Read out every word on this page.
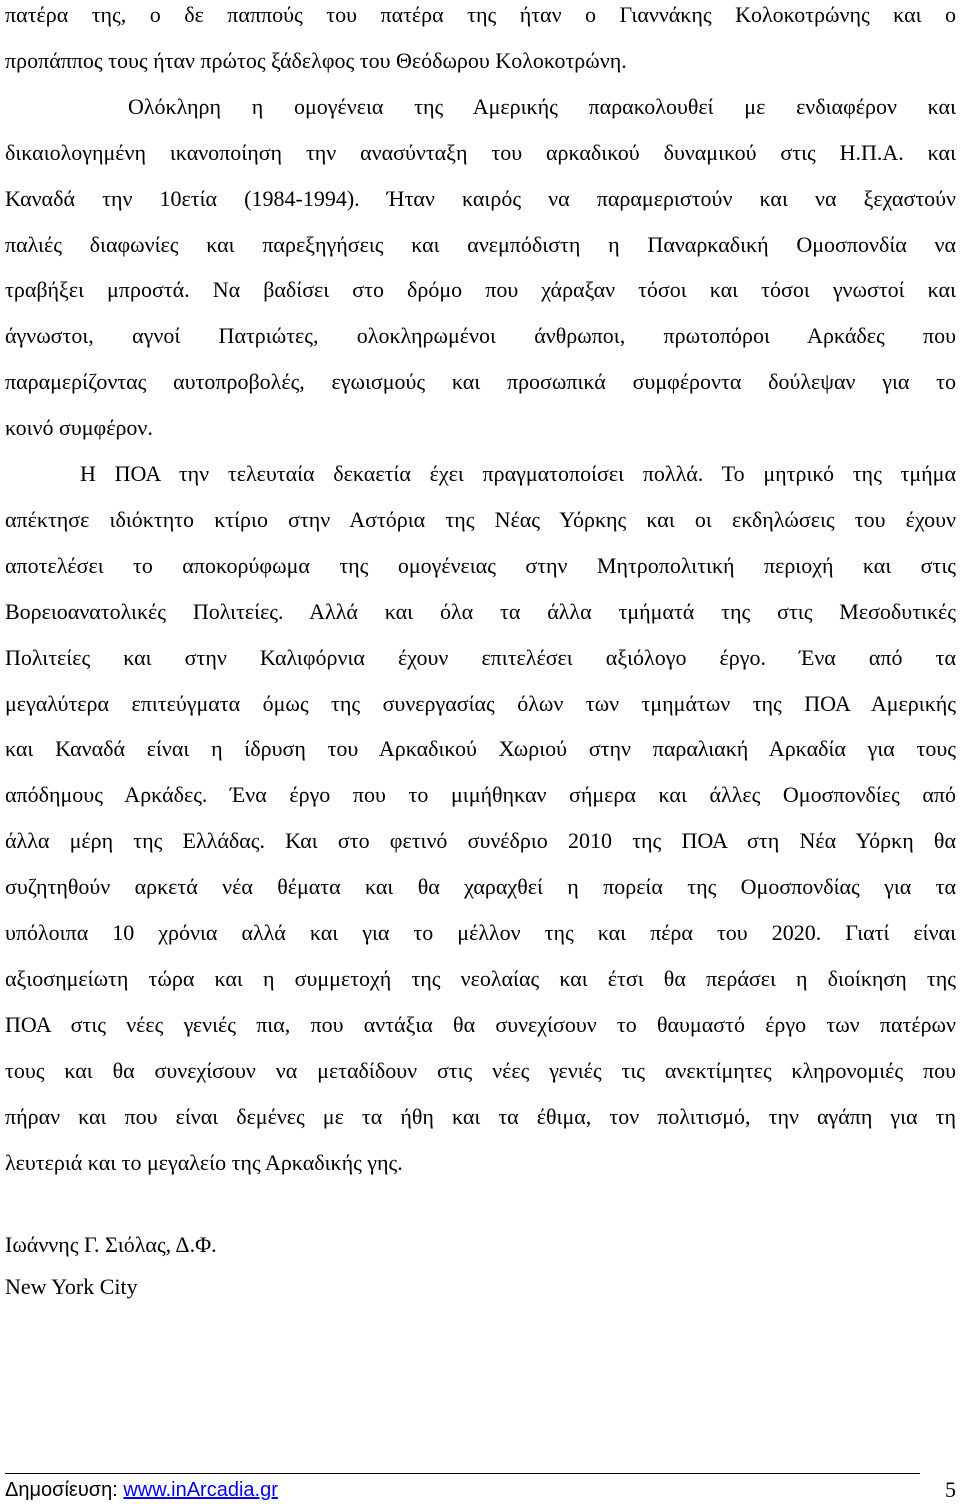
πατέρα της, ο δε παππούς του πατέρα της ήταν ο Γιαννάκης Κολοκοτρώνης και ο
προπάππος τους ήταν πρώτος ξάδελφος του Θεόδωρου Κολοκοτρώνη.
Ολόκληρη η ομογένεια της Αμερικής παρακολουθεί με ενδιαφέρον και
δικαιολογημένη ικανοποίηση την ανασύνταξη του αρκαδικού δυναμικού στις Η.Π.Α. και
Καναδά την 10ετία (1984-1994). Ήταν καιρός να παραμεριστούν και να ξεχαστούν
παλιές διαφωνίες και παρεξηγήσεις και ανεμπόδιστη η Παναρκαδική Ομοσπονδία να
τραβήξει μπροστά. Να βαδίσει στο δρόμο που χάραξαν τόσοι και τόσοι γνωστοί και
άγνωστοι, αγνοί Πατριώτες, ολοκληρωμένοι άνθρωποι, πρωτοπόροι Αρκάδες που
παραμερίζοντας αυτοπροβολές, εγωισμούς και προσωπικά συμφέροντα δούλεψαν για το
κοινό συμφέρον.
Η ΠΟΑ την τελευταία δεκαετία έχει πραγματοποίσει πολλά. Το μητρικό της τμήμα
απέκτησε ιδιόκτητο κτίριο στην Αστόρια της Νέας Υόρκης και οι εκδηλώσεις του έχουν
αποτελέσει το αποκορύφωμα της ομογένειας στην Μητροπολιτική περιοχή και στις
Βορειοανατολικές Πολιτείες. Αλλά και όλα τα άλλα τμήματά της στις Μεσοδυτικές
Πολιτείες και στην Καλιφόρνια έχουν επιτελέσει αξιόλογο έργο. Ένα από τα
μεγαλύτερα επιτεύγματα όμως της συνεργασίας όλων των τμημάτων της ΠΟΑ Αμερικής
και Καναδά είναι η ίδρυση του Αρκαδικού Χωριού στην παραλιακή Αρκαδία για τους
απόδημους Αρκάδες. Ένα έργο που το μιμήθηκαν σήμερα και άλλες Ομοσπονδίες από
άλλα μέρη της Ελλάδας. Και στο φετινό συνέδριο 2010 της ΠΟΑ στη Νέα Υόρκη θα
συζητηθούν αρκετά νέα θέματα και θα χαραχθεί η πορεία της Ομοσπονδίας για τα
υπόλοιπα 10 χρόνια αλλά και για το μέλλον της και πέρα του 2020. Γιατί είναι
αξιοσημείωτη τώρα και η συμμετοχή της νεολαίας και έτσι θα περάσει η διοίκηση της
ΠΟΑ στις νέες γενιές πια, που αντάξια θα συνεχίσουν το θαυμαστό έργο των πατέρων
τους και θα συνεχίσουν να μεταδίδουν στις νέες γενιές τις ανεκτίμητες κληρονομιές που
πήραν και που είναι δεμένες με τα ήθη και τα έθιμα, τον πολιτισμό, την αγάπη για τη
λευτεριά και το μεγαλείο της Αρκαδικής γης.
Ιωάννης Γ. Σιόλας, Δ.Φ.
New York City
Δημοσίευση: www.inArcadia.gr	5
